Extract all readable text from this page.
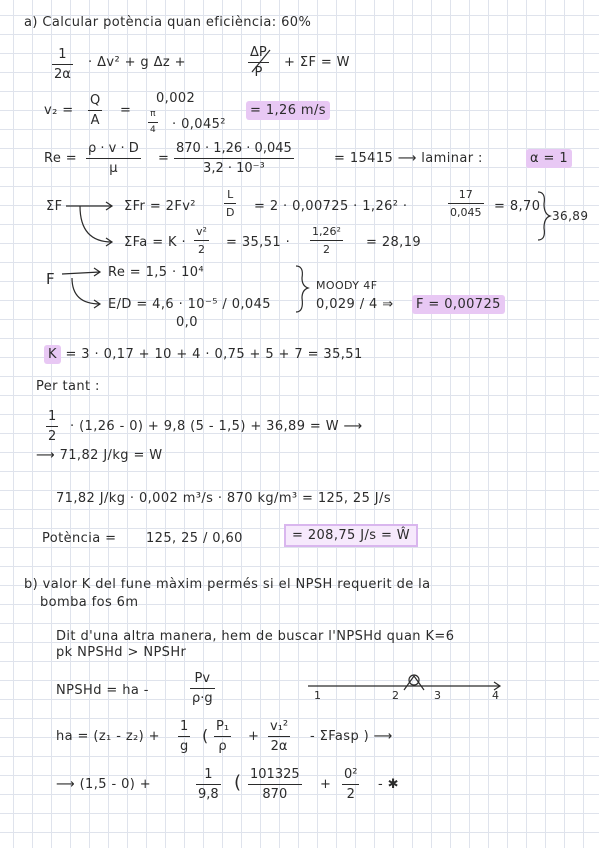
a) Calcular potència quan eficiència: 60%
$\frac{1}{2\alpha} \cdot \Delta v^2 + g$ Δz +	$\frac{\Delta P}{P} + \Sigma F = W$
$v_2 = \frac{Q}{A}$ =
0,002
$\frac{\pi}{4} \cdot 0,045^2$
= 1,26 m/s
$Re = \frac{\rho \cdot v \cdot D}{\mu} = \frac{870 \cdot 1,26 \cdot 0,045}{\text{3,2 · 10⁻³}}$	= 15415 ⟶ laminar :	α = 1
ΣF	ΣFr = 2Fv²	$\frac{L}{D} = 2 \cdot 0,00725 \cdot 1,26^2$ ·	$\frac{17}{0,045} = 8,70$
36,89
$\Sigma Fa = K \cdot \frac{\text{v²}}{2} = 35,51 \cdot \frac{\text{1,26²}}{2} = 28,19$
F	Re = 1,5 · 10⁴
E/D = 4,6 · 10⁻⁵ / 0,045
0,0
MOODY 4F
0,029 / 4 ⇒	F = 0,00725
K = 3 · 0,17 + 10 + 4 · 0,75 + 5 + 7 = 35,51
Per tant :
$\frac{1}{2} \cdot (1,26 - 0) + 9,8$ (5 - 1,5) + 36,89 = W ⟶
⟶ 71,82 J/kg = W
71,82 J/kg · 0,002 m³/s · 870 kg/m³ = 125, 25 J/s
Potència = 125, 25 / 0,60	= 208,75 J/s = Ŵ
b) valor K del fune màxim permés si el NPSH requerit de la
bomba fos 6m
Dit d'una altra manera, hem de buscar l'NPSHd quan K=6
pk NPSHd > NPSHr
NPSHd = ha -	$\frac{Pv}{\rho\cdot g}$	1	2	3	4
ha = $(z_1 - z_2) + \frac{1}{g}$ ( $\frac{\text{P₁}}{\rho} + \frac{\text{v₁²}}{2\alpha}$ - ΣFasp ) ⟶
⟶ (1,5 - 0) +	$\frac{1}{9,8}$ ( $\frac{101325}{870} + \frac{\text{0²}}{2}$ - ✱
